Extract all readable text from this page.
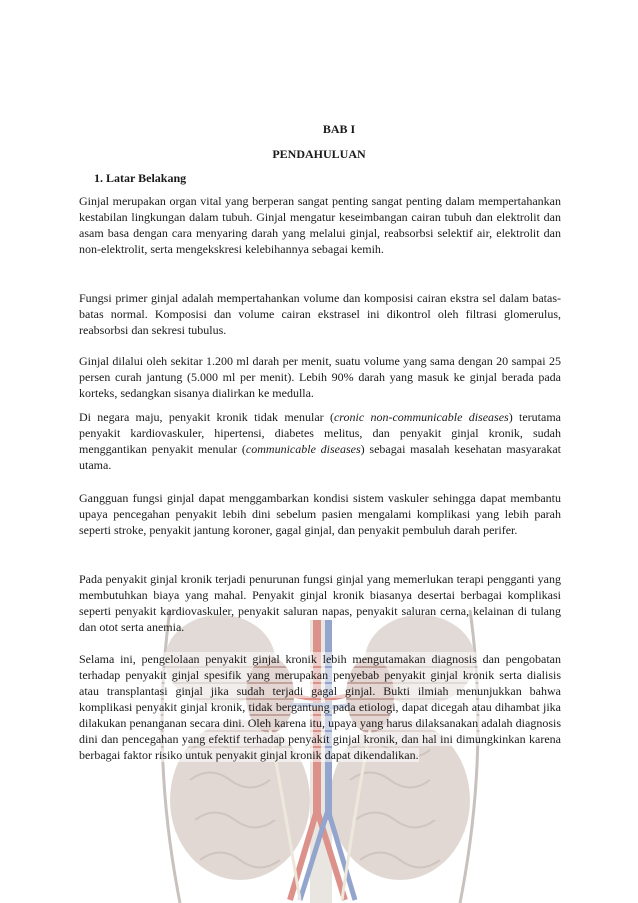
BAB I
PENDAHULUAN
1. Latar Belakang

Ginjal merupakan organ vital yang berperan sangat penting sangat penting dalam mempertahankan kestabilan lingkungan dalam tubuh. Ginjal mengatur keseimbangan cairan tubuh dan elektrolit dan asam basa dengan cara menyaring darah yang melalui ginjal, reabsorbsi selektif air, elektrolit dan non-elektrolit, serta mengekskresi kelebihannya sebagai kemih.

Fungsi primer ginjal adalah mempertahankan volume dan komposisi cairan ekstra sel dalam batas-batas normal. Komposisi dan volume cairan ekstrasel ini dikontrol oleh filtrasi glomerulus, reabsorbsi dan sekresi tubulus.

Ginjal dilalui oleh sekitar 1.200 ml darah per menit, suatu volume yang sama dengan 20 sampai 25 persen curah jantung (5.000 ml per menit). Lebih 90% darah yang masuk ke ginjal berada pada korteks, sedangkan sisanya dialirkan ke medulla.

Di negara maju, penyakit kronik tidak menular (cronic non-communicable diseases) terutama penyakit kardiovaskuler, hipertensi, diabetes melitus, dan penyakit ginjal kronik, sudah menggantikan penyakit menular (communicable diseases) sebagai masalah kesehatan masyarakat utama.

Gangguan fungsi ginjal dapat menggambarkan kondisi sistem vaskuler sehingga dapat membantu upaya pencegahan penyakit lebih dini sebelum pasien mengalami komplikasi yang lebih parah seperti stroke, penyakit jantung koroner, gagal ginjal, dan penyakit pembuluh darah perifer.

Pada penyakit ginjal kronik terjadi penurunan fungsi ginjal yang memerlukan terapi pengganti yang membutuhkan biaya yang mahal. Penyakit ginjal kronik biasanya desertai berbagai komplikasi seperti penyakit kardiovaskuler, penyakit saluran napas, penyakit saluran cerna, kelainan di tulang dan otot serta anemia.

Selama ini, pengelolaan penyakit ginjal kronik lebih mengutamakan diagnosis dan pengobatan terhadap penyakit ginjal spesifik yang merupakan penyebab penyakit ginjal kronik serta dialisis atau transplantasi ginjal jika sudah terjadi gagal ginjal. Bukti ilmiah menunjukkan bahwa komplikasi penyakit ginjal kronik, tidak bergantung pada etiologi, dapat dicegah atau dihambat jika dilakukan penanganan secara dini. Oleh karena itu, upaya yang harus dilaksanakan adalah diagnosis dini dan pencegahan yang efektif terhadap penyakit ginjal kronik, dan hal ini dimungkinkan karena berbagai faktor risiko untuk penyakit ginjal kronik dapat dikendalikan.
